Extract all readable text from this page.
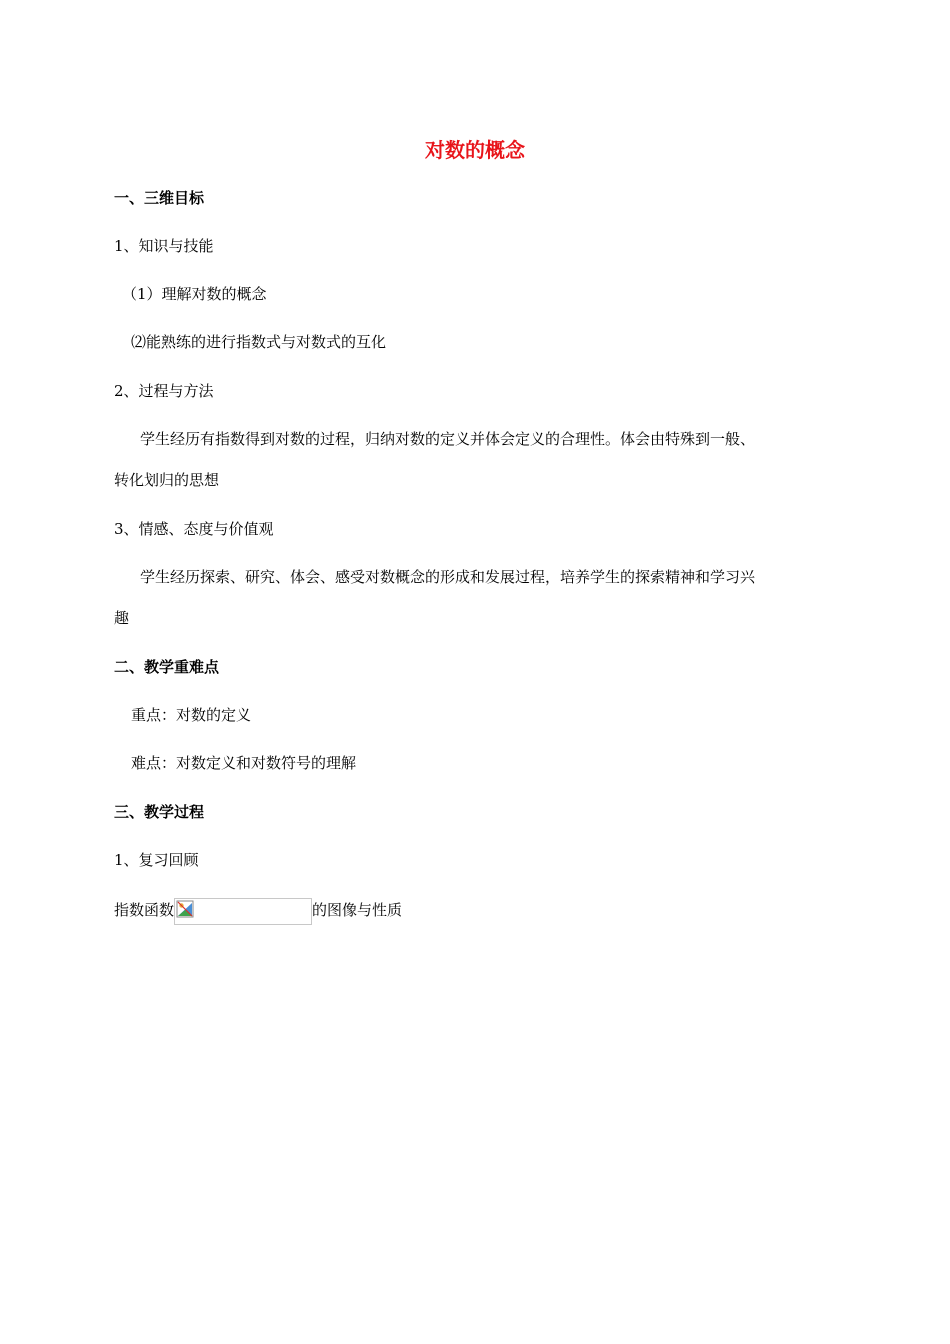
对数的概念
一、三维目标
1、知识与技能
（1）理解对数的概念
⑵能熟练的进行指数式与对数式的互化
2、过程与方法
学生经历有指数得到对数的过程，归纳对数的定义并体会定义的合理性。体会由特殊到一般、
转化划归的思想
3、情感、态度与价值观
学生经历探索、研究、体会、感受对数概念的形成和发展过程，培养学生的探索精神和学习兴
趣
二、教学重难点
重点：对数的定义
难点：对数定义和对数符号的理解
三、教学过程
1、复习回顾
指数函数	的图像与性质
